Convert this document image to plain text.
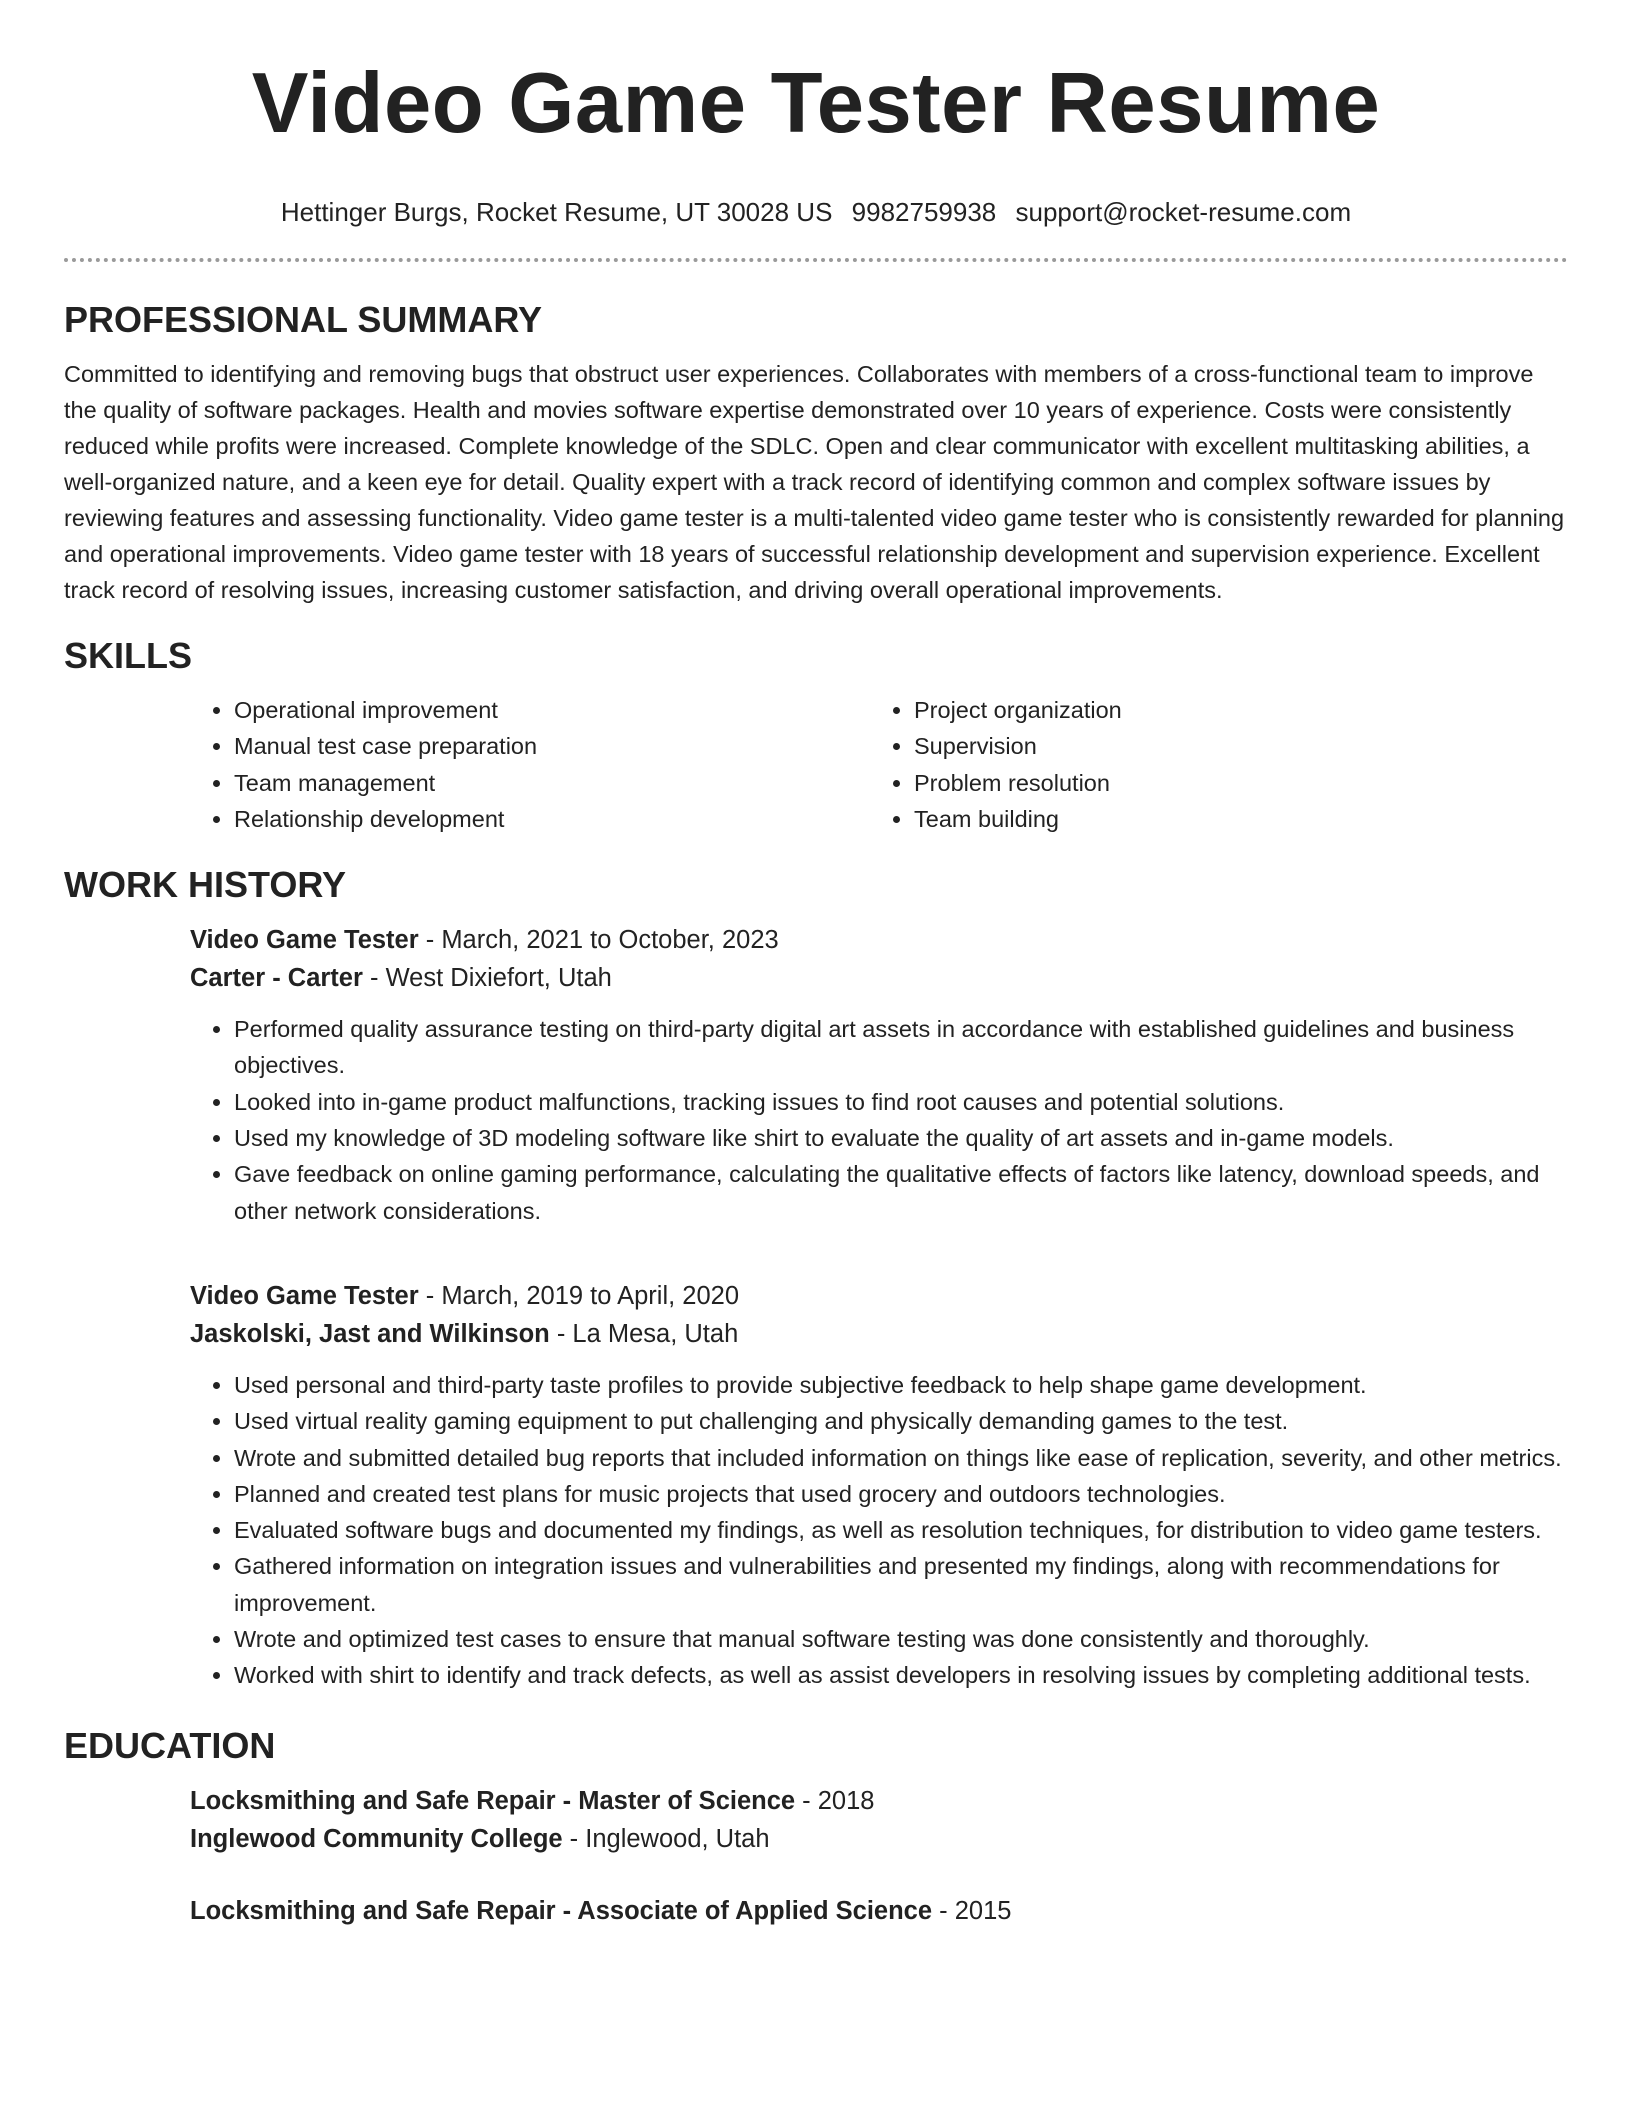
Video Game Tester Resume
Hettinger Burgs, Rocket Resume, UT 30028 US 9982759938 support@rocket-resume.com
PROFESSIONAL SUMMARY

Committed to identifying and removing bugs that obstruct user experiences. Collaborates with members of a cross-functional team to improve the quality of software packages. Health and movies software expertise demonstrated over 10 years of experience. Costs were consistently reduced while profits were increased. Complete knowledge of the SDLC. Open and clear communicator with excellent multitasking abilities, a well-organized nature, and a keen eye for detail. Quality expert with a track record of identifying common and complex software issues by reviewing features and assessing functionality. Video game tester is a multi-talented video game tester who is consistently rewarded for planning and operational improvements. Video game tester with 18 years of successful relationship development and supervision experience. Excellent track record of resolving issues, increasing customer satisfaction, and driving overall operational improvements.

SKILLS
• Operational improvement
• Manual test case preparation
• Team management
• Relationship development
• Project organization
• Supervision
• Problem resolution
• Team building
WORK HISTORY
Video Game Tester - March, 2021 to October, 2023
Carter - Carter - West Dixiefort, Utah
• Performed quality assurance testing on third-party digital art assets in accordance with established guidelines and business objectives.
• Looked into in-game product malfunctions, tracking issues to find root causes and potential solutions.
• Used my knowledge of 3D modeling software like shirt to evaluate the quality of art assets and in-game models.
• Gave feedback on online gaming performance, calculating the qualitative effects of factors like latency, download speeds, and other network considerations.
Video Game Tester - March, 2019 to April, 2020
Jaskolski, Jast and Wilkinson - La Mesa, Utah
• Used personal and third-party taste profiles to provide subjective feedback to help shape game development.
• Used virtual reality gaming equipment to put challenging and physically demanding games to the test.
• Wrote and submitted detailed bug reports that included information on things like ease of replication, severity, and other metrics.
• Planned and created test plans for music projects that used grocery and outdoors technologies.
• Evaluated software bugs and documented my findings, as well as resolution techniques, for distribution to video game testers.
• Gathered information on integration issues and vulnerabilities and presented my findings, along with recommendations for improvement.
• Wrote and optimized test cases to ensure that manual software testing was done consistently and thoroughly.
• Worked with shirt to identify and track defects, as well as assist developers in resolving issues by completing additional tests.
EDUCATION
Locksmithing and Safe Repair - Master of Science - 2018
Inglewood Community College - Inglewood, Utah
Locksmithing and Safe Repair - Associate of Applied Science - 2015
